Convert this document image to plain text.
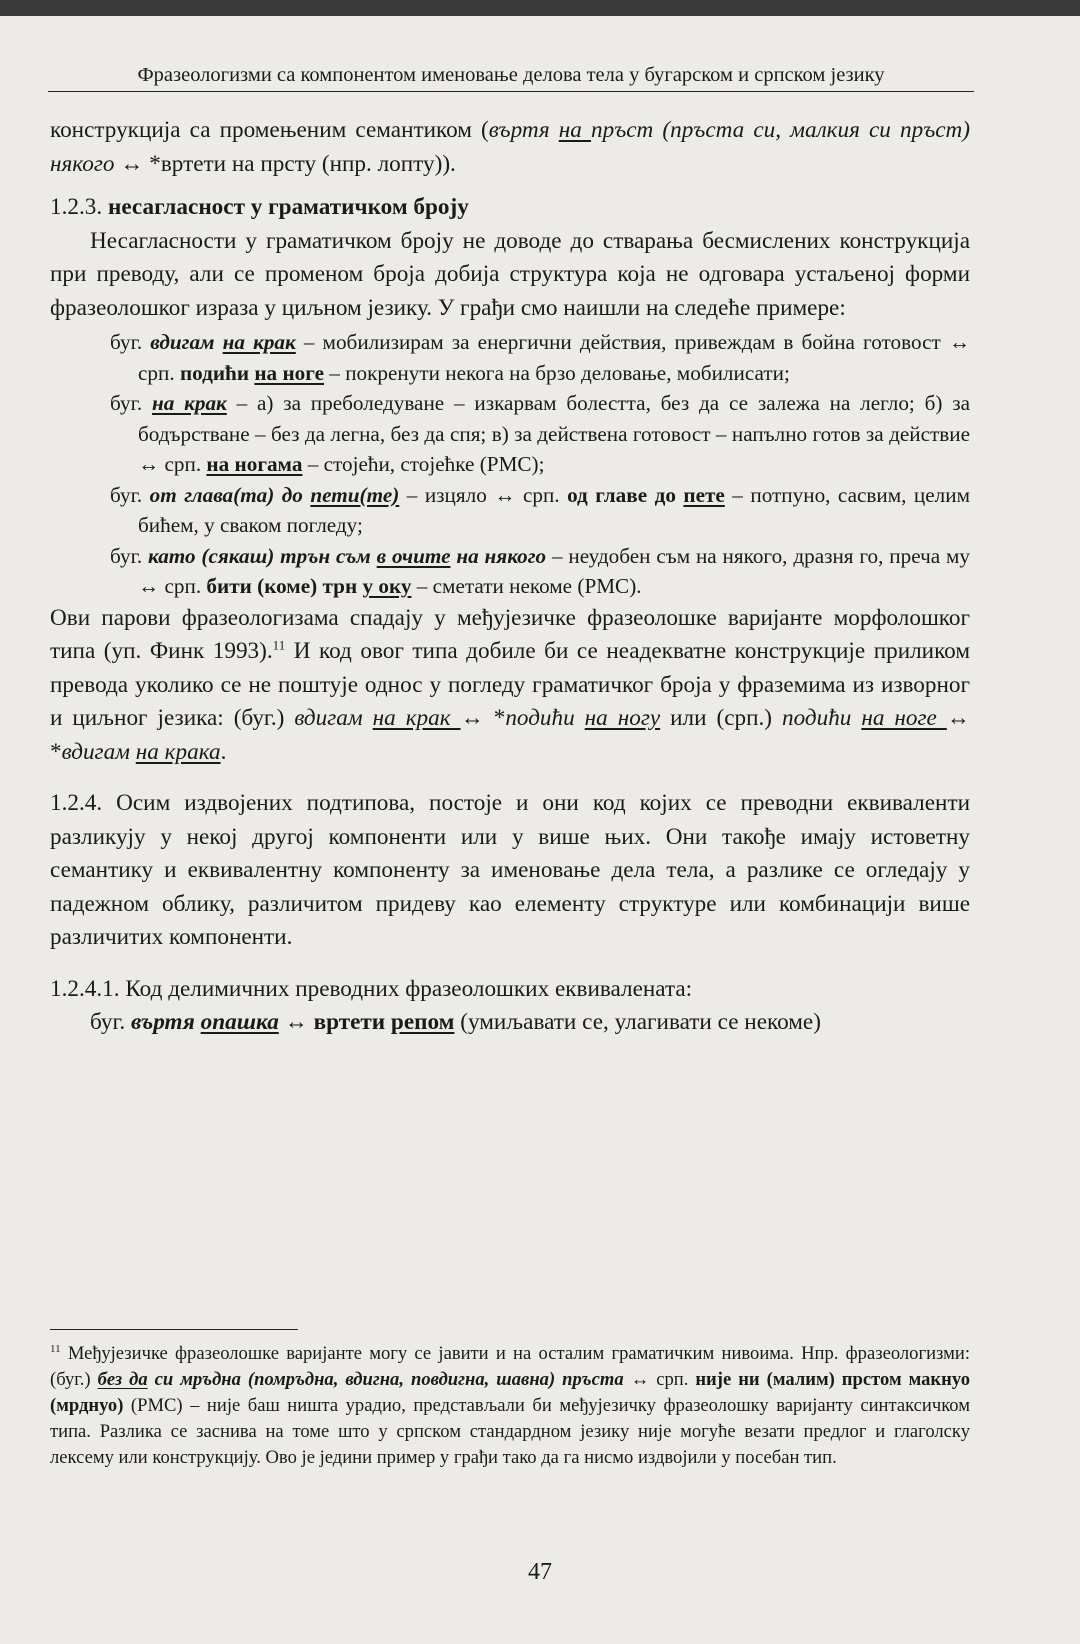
Фразеологизми са компонентом именовање делова тела у бугарском и српском језику

конструкција са промењеним семантиком (въртя на пръст (пръста си, малкия си пръст) някого ↔ *вртети на прсту (нпр. лопту)).

1.2.3. несагласност у граматичком броју

Несагласности у граматичком броју не доводе до стварања бесмислених конструкција при преводу, али се променом броја добија структура која не одговара устаљеној форми фразеолошког израза у циљном језику. У грађи смо наишли на следеће примере:

буг. вдигам на крак – мобилизирам за енергични действия, привеждам в бойна готовост ↔ срп. подићи на ноге – покренути некога на брзо деловање, мобилисати;

буг. на крак – а) за преболедуване – изкарвам болестта, без да се залежа на легло; б) за бодърстване – без да легна, без да спя; в) за действена готовост – напълно готов за действие ↔ срп. на ногама – стојећи, стојећке (РМС);

буг. от глава(та) до пети(те) – изцяло ↔ срп. од главе до пете – потпуно, сасвим, целим бићем, у сваком погледу;

буг. като (сякаш) трън съм в очите на някого – неудобен съм на някого, дразня го, преча му ↔ срп. бити (коме) трн у оку – сметати некоме (РМС).

Ови парови фразеологизама спадају у међујезичке фразеолошке варијанте морфолошког типа (уп. Финк 1993).$^{11}$ И код овог типа добиле би се неадекватне конструкције приликом превода уколико се не поштује однос у погледу граматичког броја у фраземима из изворног и циљног језика: (буг.) вдигам на крак ↔ *подићи на ногу или (срп.) подићи на ноге ↔ *вдигам на крака.

1.2.4. Осим издвојених подтипова, постоје и они код којих се преводни еквиваленти разликују у некој другој компоненти или у више њих. Они такође имају истоветну семантику и еквивалентну компоненту за именовање дела тела, а разлике се огледају у падежном облику, различитом придеву као елементу структуре или комбинацији више различитих компоненти.

1.2.4.1. Код делимичних преводних фразеолошких еквивалената:

буг. въртя опашка ↔ вртети репом (умиљавати се, улагивати се некоме)

$^{11}$ Међујезичке фразеолошке варијанте могу се јавити и на осталим граматичким нивоима. Нпр. фразеологизми: (буг.) без да си мръдна (помръдна, вдигна, повдигна, шавна) пръста ↔ срп. није ни (малим) прстом макнуо (мрднуо) (РМС) – није баш ништа урадио, представљали би међујезичку фразеолошку варијанту синтаксичком типа. Разлика се заснива на томе што у српском стандардном језику није могуће везати предлог и глаголску лексему или конструкцију. Ово је једини пример у грађи тако да га нисмо издвојили у посебан тип.
47
